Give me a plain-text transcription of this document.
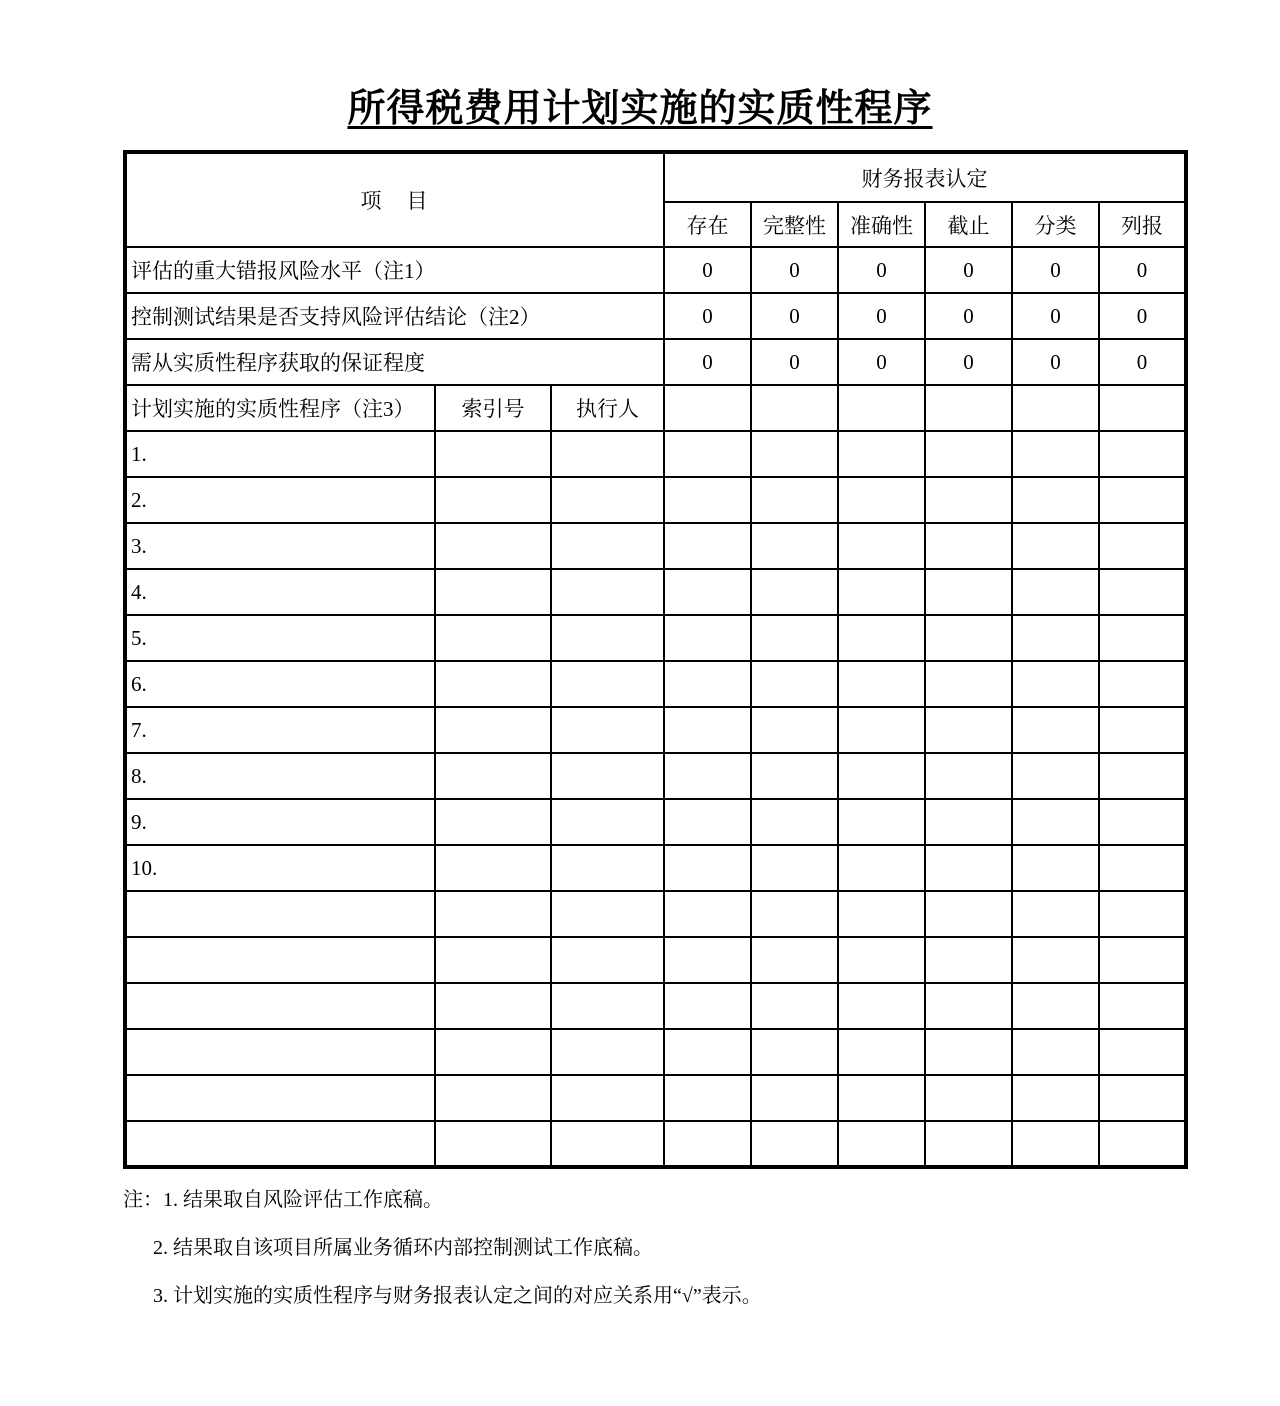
所得税费用计划实施的实质性程序
项　目			财务报表认定					
			存在	完整性	准确性	截止	分类	列报
评估的重大错报风险水平（注1）			0	0	0	0	0	0
控制测试结果是否支持风险评估结论（注2）			0	0	0	0	0	0
需从实质性程序获取的保证程度			0	0	0	0	0	0
计划实施的实质性程序（注3）	索引号	执行人						
1.								
2.								
3.								
4.								
5.								
6.								
7.								
8.								
9.								
10.								

注： 1. 结果取自风险评估工作底稿。
2. 结果取自该项目所属业务循环内部控制测试工作底稿。
3. 计划实施的实质性程序与财务报表认定之间的对应关系用“√”表示。
